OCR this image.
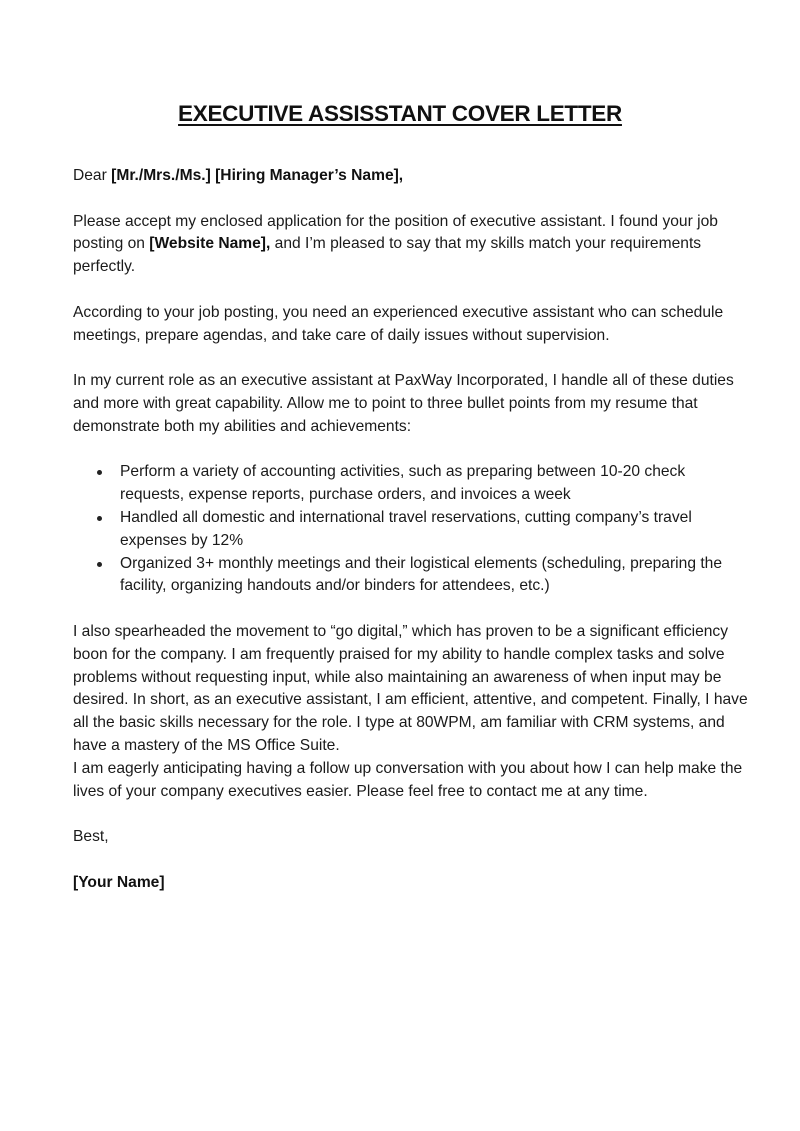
EXECUTIVE ASSISSTANT COVER LETTER

Dear [Mr./Mrs./Ms.] [Hiring Manager’s Name],

Please accept my enclosed application for the position of executive assistant. I found your job posting on [Website Name], and I’m pleased to say that my skills match your requirements perfectly.

According to your job posting, you need an experienced executive assistant who can schedule meetings, prepare agendas, and take care of daily issues without supervision.

In my current role as an executive assistant at PaxWay Incorporated, I handle all of these duties and more with great capability. Allow me to point to three bullet points from my resume that demonstrate both my abilities and achievements:

Perform a variety of accounting activities, such as preparing between 10-20 check requests, expense reports, purchase orders, and invoices a week
Handled all domestic and international travel reservations, cutting company’s travel expenses by 12%
Organized 3+ monthly meetings and their logistical elements (scheduling, preparing the facility, organizing handouts and/or binders for attendees, etc.)

I also spearheaded the movement to “go digital,” which has proven to be a significant efficiency boon for the company. I am frequently praised for my ability to handle complex tasks and solve problems without requesting input, while also maintaining an awareness of when input may be desired. In short, as an executive assistant, I am efficient, attentive, and competent. Finally, I have all the basic skills necessary for the role. I type at 80WPM, am familiar with CRM systems, and have a mastery of the MS Office Suite.

I am eagerly anticipating having a follow up conversation with you about how I can help make the lives of your company executives easier. Please feel free to contact me at any time.

Best,

[Your Name]
